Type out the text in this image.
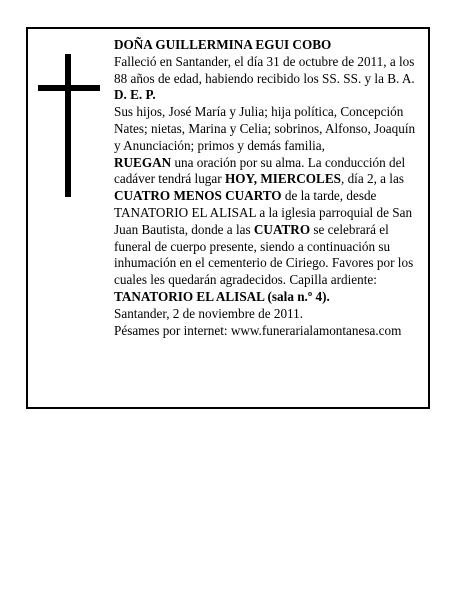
DOÑA GUILLERMINA EGUI COBO

Falleció en Santander, el día 31 de octubre de 2011, a los 88 años de edad, habiendo recibido los SS. SS. y la B. A.

D. E. P.

Sus hijos, José María y Julia; hija política, Concepción Nates; nietas, Marina y Celia; sobrinos, Alfonso, Joaquín y Anunciación; primos y demás familia,
RUEGAN una oración por su alma. La conducción del cadáver tendrá lugar HOY, MIERCOLES, día 2, a las CUATRO MENOS CUARTO de la tarde, desde TANATORIO EL ALISAL a la iglesia parroquial de San Juan Bautista, donde a las CUATRO se celebrará el funeral de cuerpo presente, siendo a continuación su inhumación en el cementerio de Ciriego. Favores por los cuales les quedarán agradecidos. Capilla ardiente:

TANATORIO EL ALISAL (sala n.º 4).

Santander, 2 de noviembre de 2011.

Pésames por internet: www.funerarialamontanesa.com
